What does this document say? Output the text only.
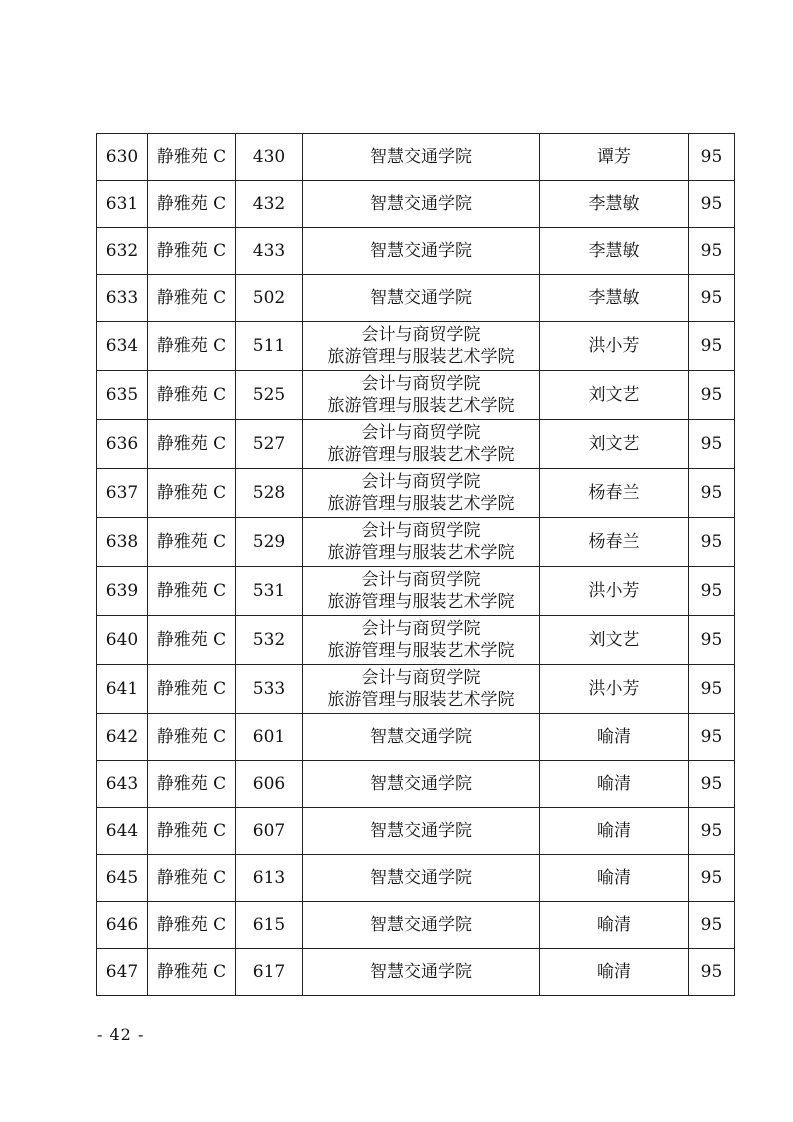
630	静雅苑 C	430	智慧交通学院	谭芳	95
631	静雅苑 C	432	智慧交通学院	李慧敏	95
632	静雅苑 C	433	智慧交通学院	李慧敏	95
633	静雅苑 C	502	智慧交通学院	李慧敏	95
634	静雅苑 C	511	会计与商贸学院
旅游管理与服装艺术学院	洪小芳	95
635	静雅苑 C	525	会计与商贸学院
旅游管理与服装艺术学院	刘文艺	95
636	静雅苑 C	527	会计与商贸学院
旅游管理与服装艺术学院	刘文艺	95
637	静雅苑 C	528	会计与商贸学院
旅游管理与服装艺术学院	杨春兰	95
638	静雅苑 C	529	会计与商贸学院
旅游管理与服装艺术学院	杨春兰	95
639	静雅苑 C	531	会计与商贸学院
旅游管理与服装艺术学院	洪小芳	95
640	静雅苑 C	532	会计与商贸学院
旅游管理与服装艺术学院	刘文艺	95
641	静雅苑 C	533	会计与商贸学院
旅游管理与服装艺术学院	洪小芳	95
642	静雅苑 C	601	智慧交通学院	喻清	95
643	静雅苑 C	606	智慧交通学院	喻清	95
644	静雅苑 C	607	智慧交通学院	喻清	95
645	静雅苑 C	613	智慧交通学院	喻清	95
646	静雅苑 C	615	智慧交通学院	喻清	95
647	静雅苑 C	617	智慧交通学院	喻清	95
- 42 -
